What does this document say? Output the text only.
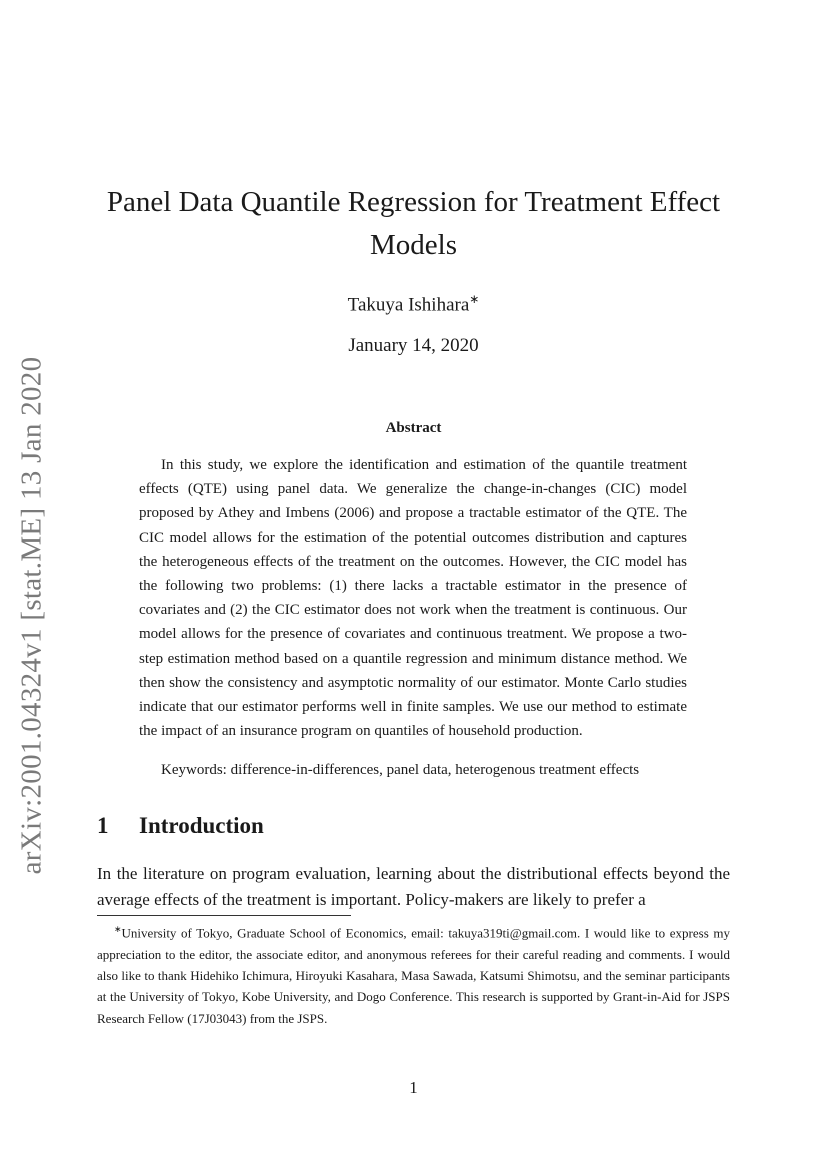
arXiv:2001.04324v1 [stat.ME] 13 Jan 2020
Panel Data Quantile Regression for Treatment Effect Models
Takuya Ishihara∗
January 14, 2020
Abstract

In this study, we explore the identification and estimation of the quantile treatment effects (QTE) using panel data. We generalize the change-in-changes (CIC) model proposed by Athey and Imbens (2006) and propose a tractable estimator of the QTE. The CIC model allows for the estimation of the potential outcomes distribution and captures the heterogeneous effects of the treatment on the outcomes. However, the CIC model has the following two problems: (1) there lacks a tractable estimator in the presence of covariates and (2) the CIC estimator does not work when the treatment is continuous. Our model allows for the presence of covariates and continuous treatment. We propose a two-step estimation method based on a quantile regression and minimum distance method. We then show the consistency and asymptotic normality of our estimator. Monte Carlo studies indicate that our estimator performs well in finite samples. We use our method to estimate the impact of an insurance program on quantiles of household production.

Keywords: difference-in-differences, panel data, heterogenous treatment effects

1 Introduction

In the literature on program evaluation, learning about the distributional effects beyond the average effects of the treatment is important. Policy-makers are likely to prefer a

∗University of Tokyo, Graduate School of Economics, email: takuya319ti@gmail.com. I would like to express my appreciation to the editor, the associate editor, and anonymous referees for their careful reading and comments. I would also like to thank Hidehiko Ichimura, Hiroyuki Kasahara, Masa Sawada, Katsumi Shimotsu, and the seminar participants at the University of Tokyo, Kobe University, and Dogo Conference. This research is supported by Grant-in-Aid for JSPS Research Fellow (17J03043) from the JSPS.

1
